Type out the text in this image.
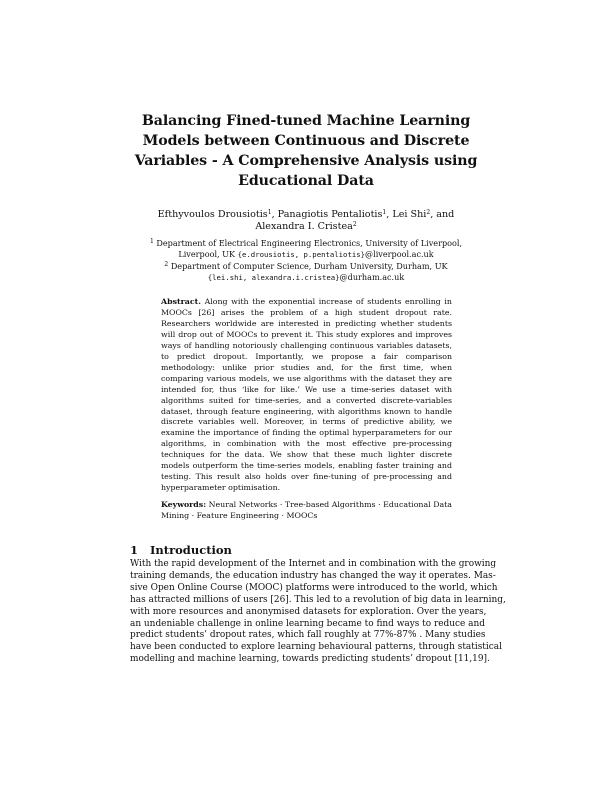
Balancing Fined-tuned Machine Learning Models between Continuous and Discrete Variables - A Comprehensive Analysis using Educational Data
Efthyvoulos Drousiotis$^1$, Panagiotis Pentaliotis$^1$, Lei Shi$^2$, and Alexandra I. Cristea$^2$
$^1$ Department of Electrical Engineering Electronics, University of Liverpool,
Liverpool, UK {e.drousiotis, p.pentaliotis}@liverpool.ac.uk
$^2$ Department of Computer Science, Durham University, Durham, UK
{lei.shi, alexandra.i.cristea}@durham.ac.uk
Abstract. Along with the exponential increase of students enrolling in MOOCs [26] arises the problem of a high student dropout rate. Researchers worldwide are interested in predicting whether students will drop out of MOOCs to prevent it. This study explores and improves ways of handling notoriously challenging continuous variables datasets, to predict dropout. Importantly, we propose a fair comparison methodology: unlike prior studies and, for the first time, when comparing various models, we use algorithms with the dataset they are intended for, thus ‘like for like.’ We use a time-series dataset with algorithms suited for time-series, and a converted discrete-variables dataset, through feature engineering, with algorithms known to handle discrete variables well. Moreover, in terms of predictive ability, we examine the importance of finding the optimal hyperparameters for our algorithms, in combination with the most effective pre-processing techniques for the data. We show that these much lighter discrete models outperform the time-series models, enabling faster training and testing. This result also holds over fine-tuning of pre-processing and hyperparameter optimisation.
Keywords: Neural Networks · Tree-based Algorithms · Educational Data Mining · Feature Engineering · MOOCs
1 Introduction
With the rapid development of the Internet and in combination with the growing
training demands, the education industry has changed the way it operates. Mas-
sive Open Online Course (MOOC) platforms were introduced to the world, which
has attracted millions of users [26]. This led to a revolution of big data in learning,
with more resources and anonymised datasets for exploration. Over the years,
an undeniable challenge in online learning became to find ways to reduce and
predict students’ dropout rates, which fall roughly at 77%-87% . Many studies
have been conducted to explore learning behavioural patterns, through statistical
modelling and machine learning, towards predicting students’ dropout [11,19].
